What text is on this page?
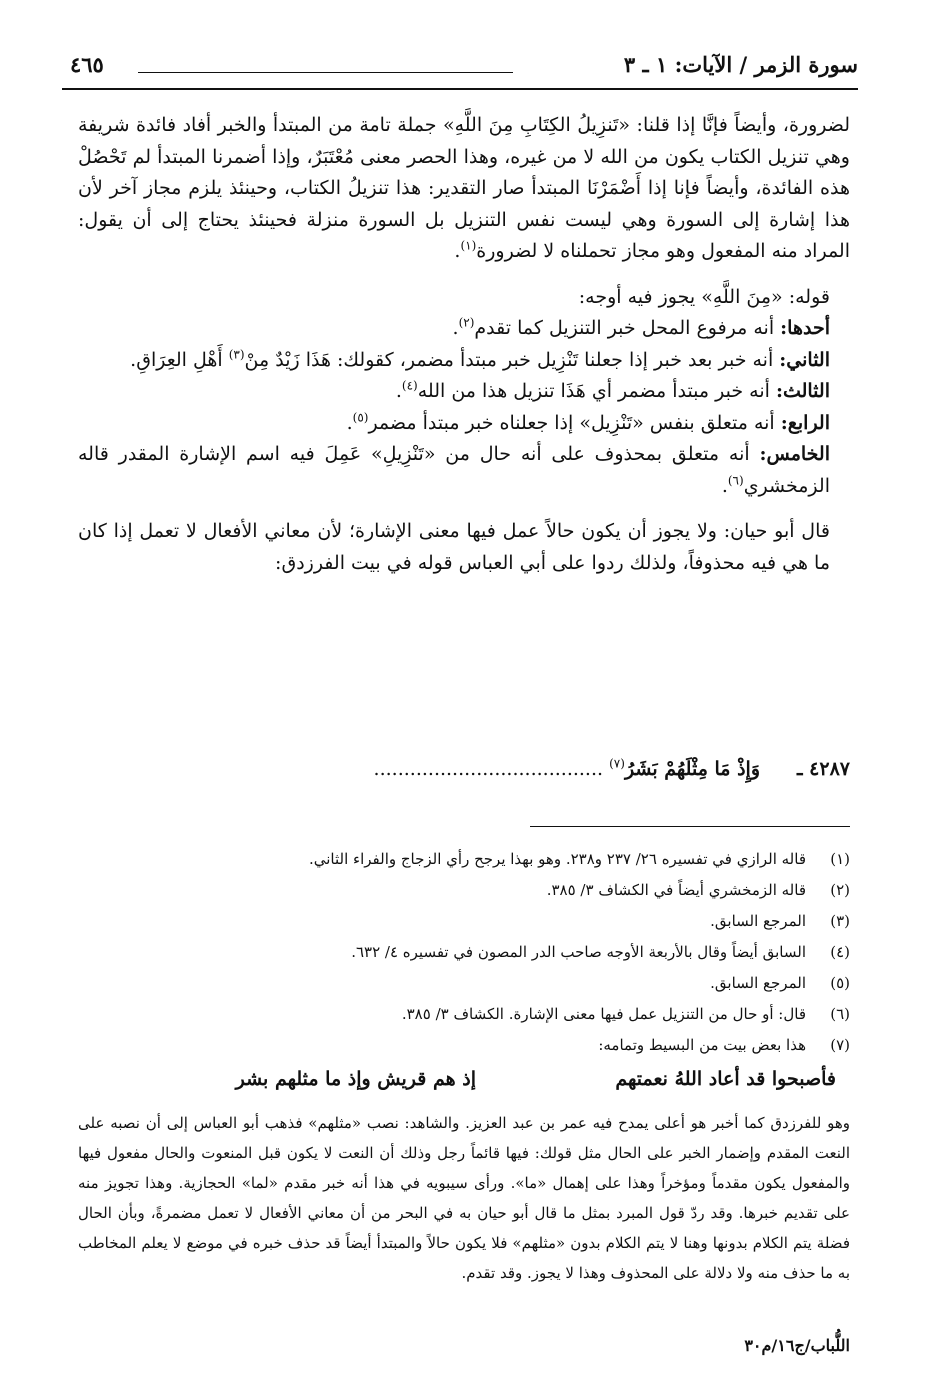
سورة الزمر / الآيات: ١ ـ ٣
٤٦٥

لضرورة، وأيضاً فإنَّا إذا قلنا: «تَنزِيلُ الكِتَابِ مِنَ اللَّهِ» جملة تامة من المبتدأ والخبر أفاد فائدة شريفة وهي تنزيل الكتاب يكون من الله لا من غيره، وهذا الحصر معنى مُعْتَبَرٌ، وإذا أضمرنا المبتدأ لم تَحْصُلْ هذه الفائدة، وأيضاً فإنا إذا أَضْمَرْنَا المبتدأ صار التقدير: هذا تنزيلُ الكتاب، وحينئذ يلزم مجاز آخر لأن هذا إشارة إلى السورة وهي ليست نفس التنزيل بل السورة منزلة فحينئذ يحتاج إلى أن يقول: المراد منه المفعول وهو مجاز تحملناه لا لضرورة$^{(١)}$.

قوله: «مِنَ اللَّهِ» يجوز فيه أوجه:

أحدها: أنه مرفوع المحل خبر التنزيل كما تقدم$^{(٢)}$.

الثاني: أنه خبر بعد خبر إذا جعلنا تَنْزِيل خبر مبتدأ مضمر، كقولك: هَذَا زَيْدٌ مِنْ$^{(٣)}$ أَهْلِ العِرَاقِ.

الثالث: أنه خبر مبتدأ مضمر أي هَذَا تنزيل هذا من الله$^{(٤)}$.

الرابع: أنه متعلق بنفس «تَنْزِيل» إذا جعلناه خبر مبتدأ مضمر$^{(٥)}$.

الخامس: أنه متعلق بمحذوف على أنه حال من «تَنْزِيلِ» عَمِلَ فيه اسم الإشارة المقدر قاله الزمخشري$^{(٦)}$.

قال أبو حيان: ولا يجوز أن يكون حالاً عمل فيها معنى الإشارة؛ لأن معاني الأفعال لا تعمل إذا كان ما هي فيه محذوفاً، ولذلك ردوا على أبي العباس قوله في بيت الفرزدق:

٤٢٨٧ ـ
وَإِذْ مَا مِثْلَهُمْ بَشَرُ$^{(٧)}$ ......................................
(١)
قاله الرازي في تفسيره ٢٦/ ٢٣٧ و٢٣٨. وهو بهذا يرجح رأي الزجاج والفراء الثاني.
(٢)
قاله الزمخشري أيضاً في الكشاف ٣/ ٣٨٥.
(٣)
المرجع السابق.
(٤)
السابق أيضاً وقال بالأربعة الأوجه صاحب الدر المصون في تفسيره ٤/ ٦٣٢.
(٥)
المرجع السابق.
(٦)
قال: أو حال من التنزيل عمل فيها معنى الإشارة. الكشاف ٣/ ٣٨٥.
(٧)
هذا بعض بيت من البسيط وتمامه:
فأصبحوا قد أعاد اللهُ نعمتهم
إذ هم قريش وإذ ما مثلهم بشر
وهو للفرزدق كما أخبر هو أعلى يمدح فيه عمر بن عبد العزيز. والشاهد: نصب «مثلهم» فذهب أبو العباس إلى أن نصبه على النعت المقدم وإضمار الخبر على الحال مثل قولك: فيها قائماً رجل وذلك أن النعت لا يكون قبل المنعوت والحال مفعول فيها والمفعول يكون مقدماً ومؤخراً وهذا على إهمال «ما». ورأى سيبويه في هذا أنه خبر مقدم «لما» الحجازية. وهذا تجويز منه على تقديم خبرها. وقد ردّ قول المبرد بمثل ما قال أبو حيان به في البحر من أن معاني الأفعال لا تعمل مضمرةً، وبأن الحال فضلة يتم الكلام بدونها وهنا لا يتم الكلام بدون «مثلهم» فلا يكون حالاً والمبتدأ أيضاً قد حذف خبره في موضع لا يعلم المخاطب به ما حذف منه ولا دلالة على المحذوف وهذا لا يجوز. وقد تقدم.
اللُّباب/ج١٦/م٣٠
